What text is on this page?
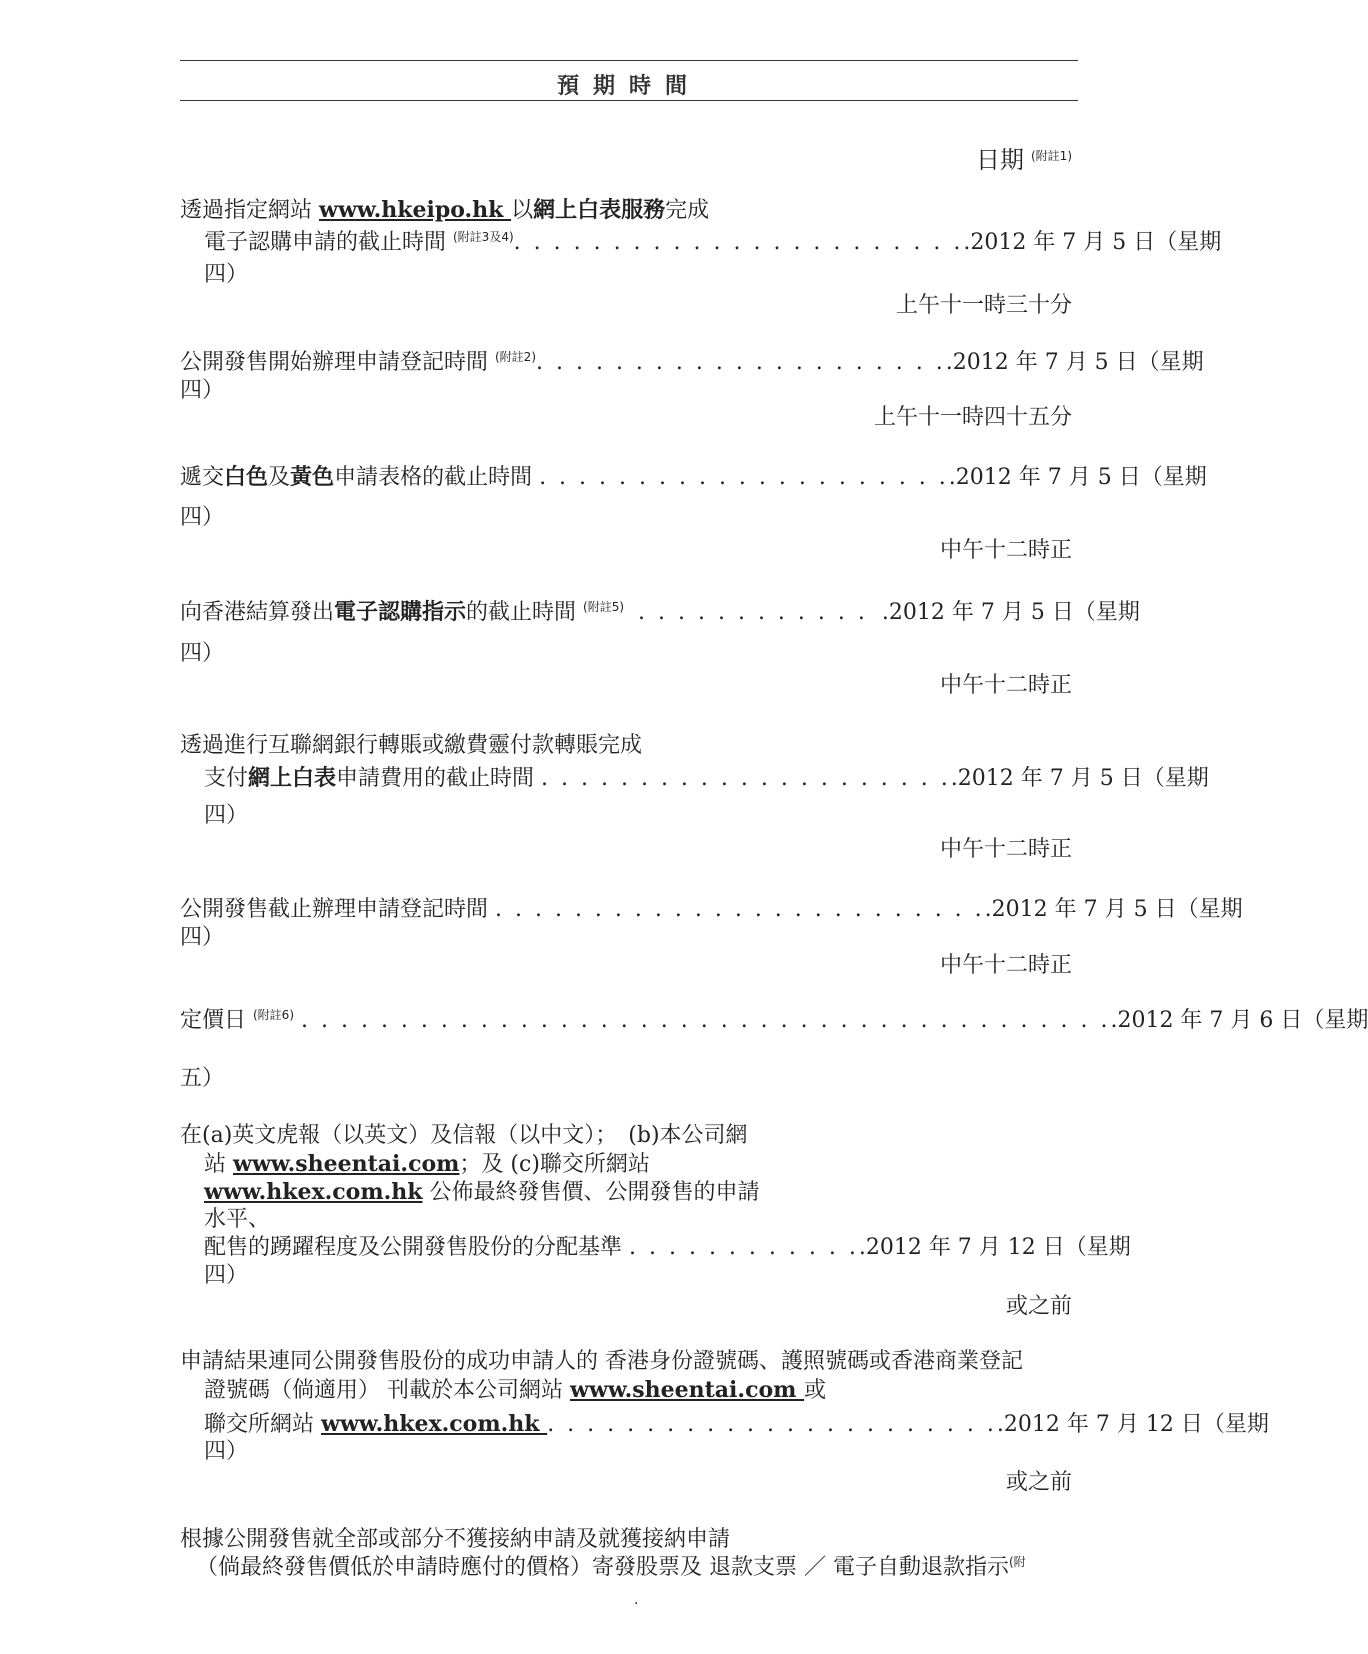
預期時間
日期 $^{(附註1)}$
透過指定網站 www.hkeipo.hk 以網上白表服務完成
電子認購申請的截止時間 $^{(附註3及4)}$. . . . . . . . . . . . . . . . . . . . . . ..2012 年 7 月 5 日（星期
四）
上午十一時三十分
公開發售開始辦理申請登記時間 $^{(附註2)}$. . . . . . . . . . . . . . . . . . . . ..2012 年 7 月 5 日（星期
四）
上午十一時四十五分
遞交白色及黃色申請表格的截止時間 . . . . . . . . . . . . . . . . . . . . ..2012 年 7 月 5 日（星期
四）
中午十二時正
向香港結算發出電子認購指示的截止時間 $^{(附註5)}$ . . . . . . . . . . . . .2012 年 7 月 5 日（星期
四）
中午十二時正
透過進行互聯網銀行轉賬或繳費靈付款轉賬完成
支付網上白表申請費用的截止時間 . . . . . . . . . . . . . . . . . . . . ..2012 年 7 月 5 日（星期
四）
中午十二時正
公開發售截止辦理申請登記時間 . . . . . . . . . . . . . . . . . . . . . . . . ..2012 年 7 月 5 日（星期
四）
中午十二時正
定價日 $^{(附註6)}$ . . . . . . . . . . . . . . . . . . . . . . . . . . . . . . . . . . . . . . . . ..2012 年 7 月 6 日（星期
五）
在(a)英文虎報（以英文）及信報（以中文）；　(b)本公司網
站 www.sheentai.com；及 (c)聯交所網站
www.hkex.com.hk 公佈最終發售價、公開發售的申請
水平、
配售的踴躍程度及公開發售股份的分配基準 . . . . . . . . . . . ..2012 年 7 月 12 日（星期
四）
或之前
申請結果連同公開發售股份的成功申請人的 香港身份證號碼、護照號碼或香港商業登記
證號碼（倘適用） 刊載於本公司網站 www.sheentai.com 或
聯交所網站 www.hkex.com.hk . . . . . . . . . . . . . . . . . . . . . . ..2012 年 7 月 12 日（星期
四）
或之前
根據公開發售就全部或部分不獲接納申請及就獲接納申請
（倘最終發售價低於申請時應付的價格）寄發股票及 退款支票 ／ 電子自動退款指示$^{(附}$
.
